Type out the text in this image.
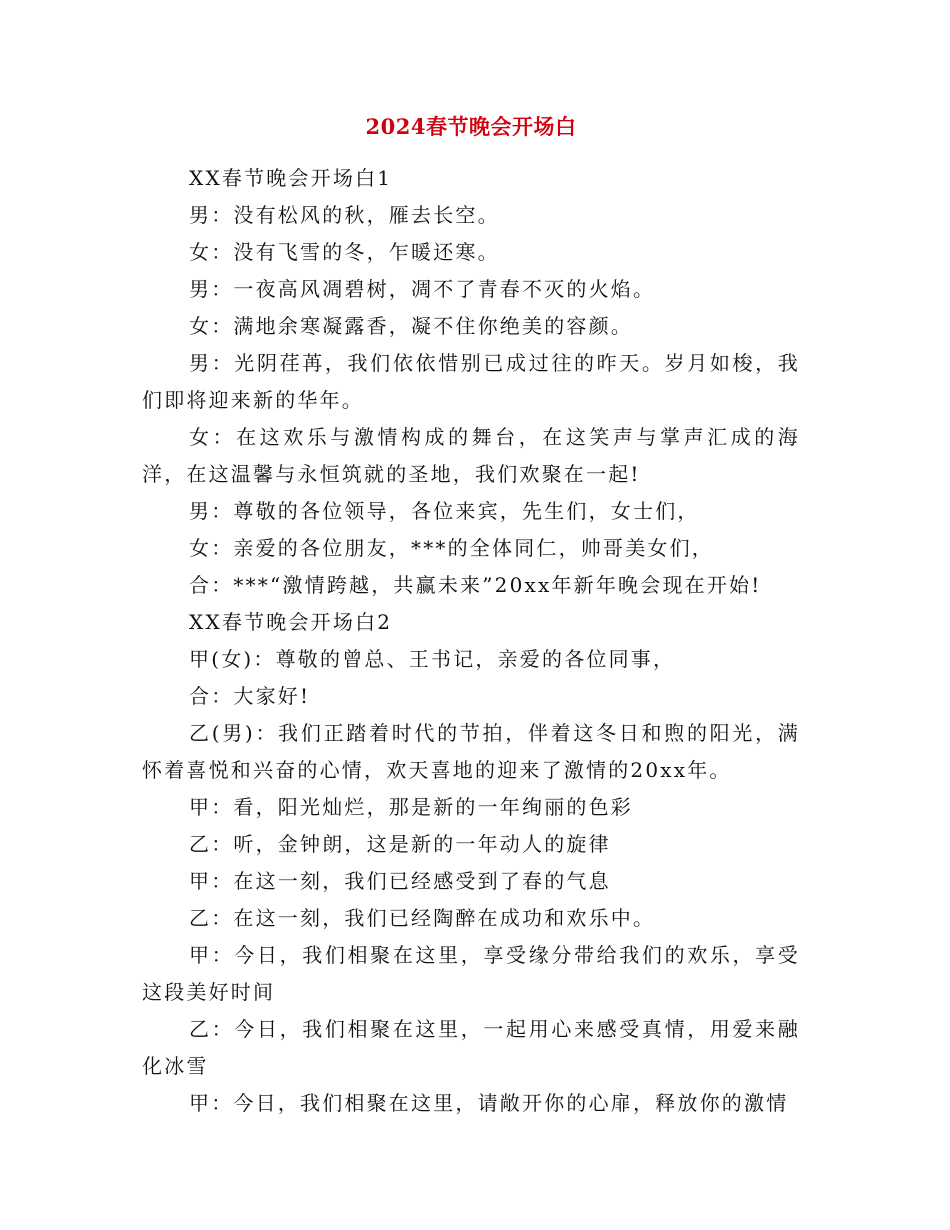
2024春节晚会开场白

XX春节晚会开场白1

男：没有松风的秋，雁去长空。

女：没有飞雪的冬，乍暖还寒。

男：一夜高风凋碧树，凋不了青春不灭的火焰。

女：满地余寒凝露香，凝不住你绝美的容颜。

男：光阴荏苒，我们依依惜别已成过往的昨天。岁月如梭，我们即将迎来新的华年。

女：在这欢乐与激情构成的舞台，在这笑声与掌声汇成的海洋，在这温馨与永恒筑就的圣地，我们欢聚在一起!

男：尊敬的各位领导，各位来宾，先生们，女士们，

女：亲爱的各位朋友，***的全体同仁，帅哥美女们，

合：***“激情跨越，共赢未来”20xx年新年晚会现在开始!

XX春节晚会开场白2

甲(女)：尊敬的曾总、王书记，亲爱的各位同事，

合：大家好!

乙(男)：我们正踏着时代的节拍，伴着这冬日和煦的阳光，满怀着喜悦和兴奋的心情，欢天喜地的迎来了激情的20xx年。

甲：看，阳光灿烂，那是新的一年绚丽的色彩

乙：听，金钟朗，这是新的一年动人的旋律

甲：在这一刻，我们已经感受到了春的气息

乙：在这一刻，我们已经陶醉在成功和欢乐中。

甲：今日，我们相聚在这里，享受缘分带给我们的欢乐，享受这段美好时间

乙：今日，我们相聚在这里，一起用心来感受真情，用爱来融化冰雪

甲：今日，我们相聚在这里，请敞开你的心扉，释放你的激情
